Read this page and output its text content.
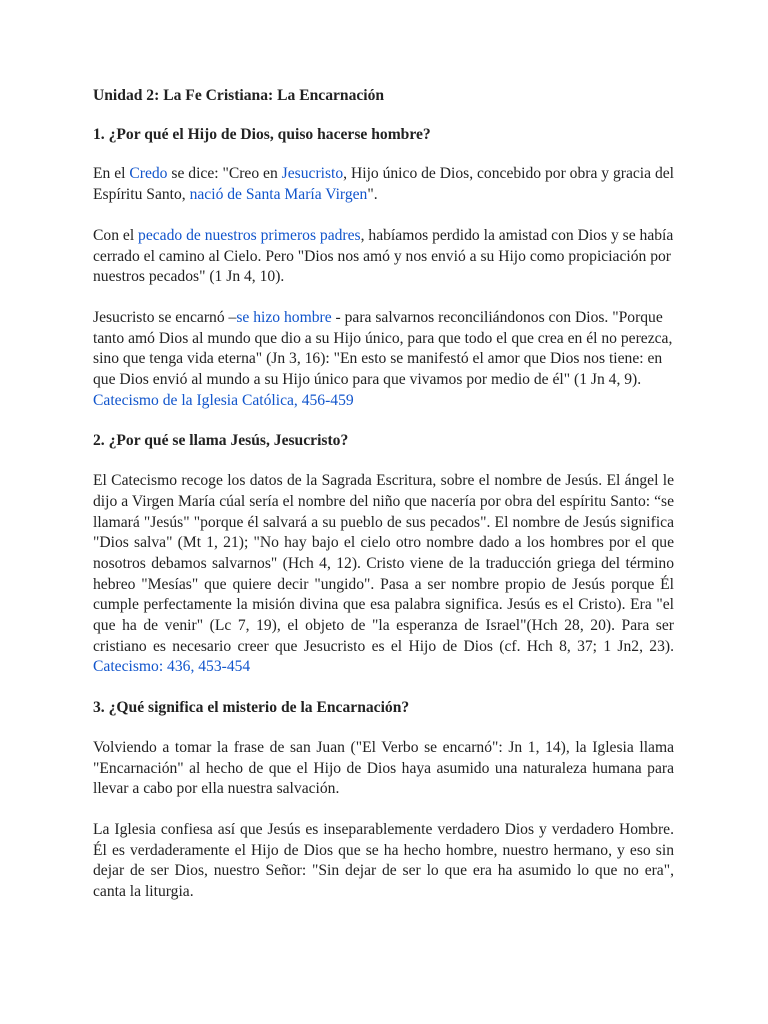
Unidad 2: La Fe Cristiana: La Encarnación
1. ¿Por qué el Hijo de Dios, quiso hacerse hombre?

En el Credo se dice: "Creo en Jesucristo, Hijo único de Dios, concebido por obra y gracia del Espíritu Santo, nació de Santa María Virgen".

Con el pecado de nuestros primeros padres, habíamos perdido la amistad con Dios y se había cerrado el camino al Cielo. Pero "Dios nos amó y nos envió a su Hijo como propiciación por nuestros pecados" (1 Jn 4, 10).

Jesucristo se encarnó –se hizo hombre - para salvarnos reconciliándonos con Dios. "Porque tanto amó Dios al mundo que dio a su Hijo único, para que todo el que crea en él no perezca, sino que tenga vida eterna" (Jn 3, 16): "En esto se manifestó el amor que Dios nos tiene: en que Dios envió al mundo a su Hijo único para que vivamos por medio de él" (1 Jn 4, 9). Catecismo de la Iglesia Católica, 456-459

2. ¿Por qué se llama Jesús, Jesucristo?

El Catecismo recoge los datos de la Sagrada Escritura, sobre el nombre de Jesús. El ángel le dijo a Virgen María cúal sería el nombre del niño que nacería por obra del espíritu Santo: “se llamará "Jesús" "porque él salvará a su pueblo de sus pecados". El nombre de Jesús significa "Dios salva" (Mt 1, 21); "No hay bajo el cielo otro nombre dado a los hombres por el que nosotros debamos salvarnos" (Hch 4, 12). Cristo viene de la traducción griega del término hebreo "Mesías" que quiere decir "ungido". Pasa a ser nombre propio de Jesús porque Él cumple perfectamente la misión divina que esa palabra significa. Jesús es el Cristo). Era "el que ha de venir" (Lc 7, 19), el objeto de "la esperanza de Israel"(Hch 28, 20). Para ser cristiano es necesario creer que Jesucristo es el Hijo de Dios (cf. Hch 8, 37; 1 Jn2, 23). Catecismo: 436, 453-454

3. ¿Qué significa el misterio de la Encarnación?

Volviendo a tomar la frase de san Juan ("El Verbo se encarnó": Jn 1, 14), la Iglesia llama "Encarnación" al hecho de que el Hijo de Dios haya asumido una naturaleza humana para llevar a cabo por ella nuestra salvación.

La Iglesia confiesa así que Jesús es inseparablemente verdadero Dios y verdadero Hombre. Él es verdaderamente el Hijo de Dios que se ha hecho hombre, nuestro hermano, y eso sin dejar de ser Dios, nuestro Señor: "Sin dejar de ser lo que era ha asumido lo que no era", canta la liturgia.
